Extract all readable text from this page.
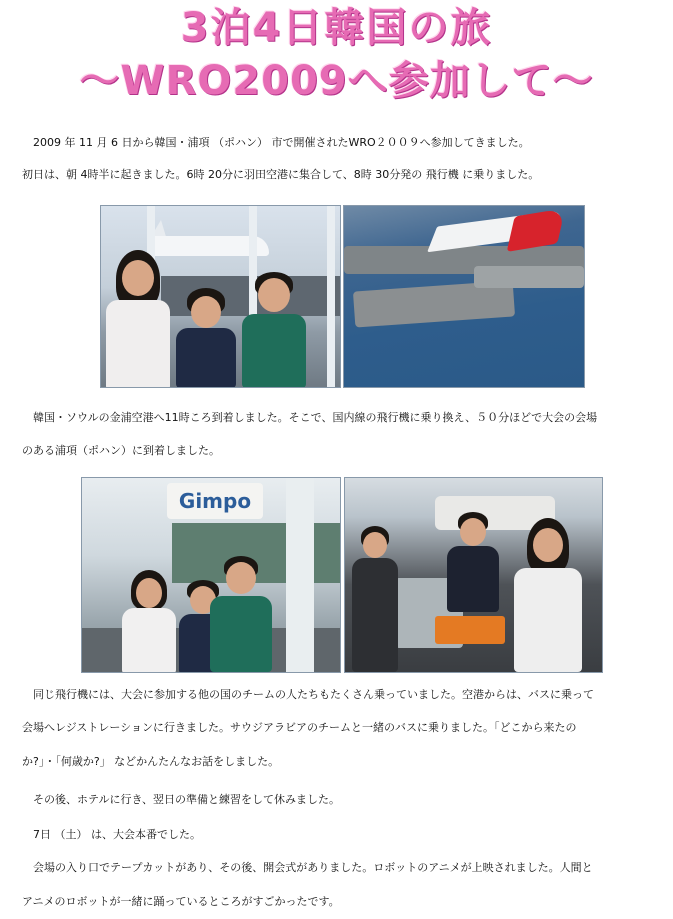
3泊4日韓国の旅
～WRO2009へ参加して～
　2009 年 11 月 6 日から韓国・浦項 （ポハン） 市で開催されたWRO２００９へ参加してきました。
初日は、朝 4時半に起きました。6時 20分に羽田空港に集合して、8時 30分発の 飛行機 に乗りました。
　韓国・ソウルの金浦空港へ11時ころ到着しました。そこで、国内線の飛行機に乗り換え、５０分ほどで大会の会場
のある浦項（ポハン）に到着しました。
Gimpo
　同じ飛行機には、大会に参加する他の国のチームの人たちもたくさん乗っていました。空港からは、バスに乗って
会場へレジストレーションに行きました。サウジアラビアのチームと一緒のバスに乗りました。「どこから来たの
か?」・「何歳か?」 などかんたんなお話をしました。
　その後、ホテルに行き、翌日の準備と練習をして休みました。
　7日 （土） は、大会本番でした。
　会場の入り口でテープカットがあり、その後、開会式がありました。ロボットのアニメが上映されました。人間と
アニメのロボットが一緒に踊っているところがすごかったです。
